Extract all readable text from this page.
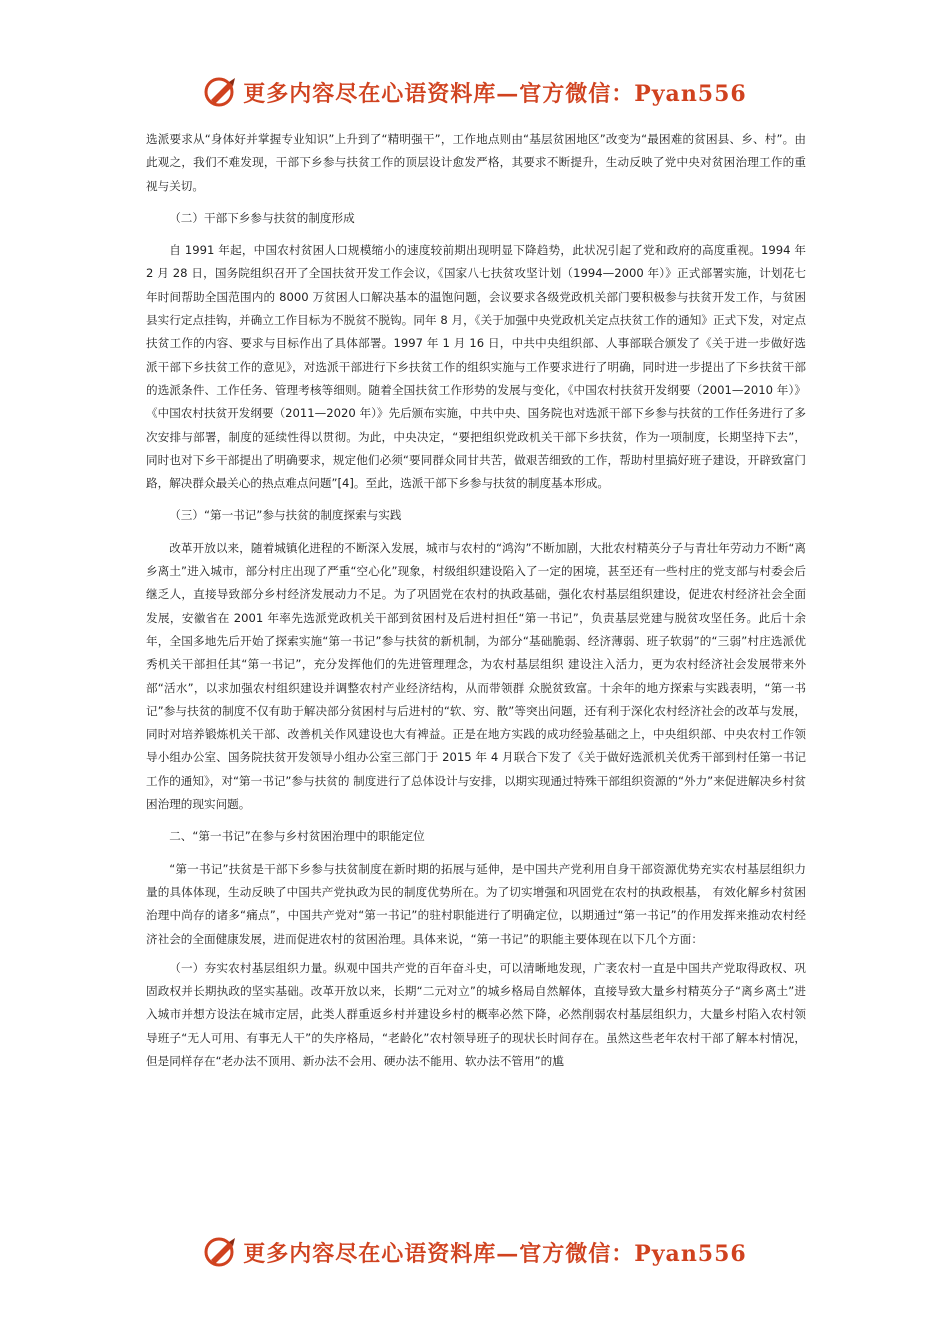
更多内容尽在心语资料库—官方微信：Pyan556

选派要求从“身体好并掌握专业知识”上升到了“精明强干”，工作地点则由“基层贫困地区”改变为“最困难的贫困县、乡、村”。由此观之，我们不难发现，干部下乡参与扶贫工作的顶层设计愈发严格，其要求不断提升，生动反映了党中央对贫困治理工作的重视与关切。

（二）干部下乡参与扶贫的制度形成

自 1991 年起，中国农村贫困人口规模缩小的速度较前期出现明显下降趋势，此状况引起了党和政府的高度重视。1994 年 2 月 28 日，国务院组织召开了全国扶贫开发工作会议，《国家八七扶贫攻坚计划（1994—2000 年）》正式部署实施，计划花七年时间帮助全国范围内的 8000 万贫困人口解决基本的温饱问题，会议要求各级党政机关部门要积极参与扶贫开发工作，与贫困县实行定点挂钩，并确立工作目标为不脱贫不脱钩。同年 8 月，《关于加强中央党政机关定点扶贫工作的通知》正式下发，对定点扶贫工作的内容、要求与目标作出了具体部署。1997 年 1 月 16 日，中共中央组织部、人事部联合颁发了《关于进一步做好选派干部下乡扶贫工作的意见》，对选派干部进行下乡扶贫工作的组织实施与工作要求进行了明确，同时进一步提出了下乡扶贫干部的选派条件、工作任务、管理考核等细则。随着全国扶贫工作形势的发展与变化，《中国农村扶贫开发纲要（2001—2010 年）》《中国农村扶贫开发纲要（2011—2020 年）》先后颁布实施，中共中央、国务院也对选派干部下乡参与扶贫的工作任务进行了多次安排与部署，制度的延续性得以贯彻。为此，中央决定，“要把组织党政机关干部下乡扶贫，作为一项制度，长期坚持下去”，同时也对下乡干部提出了明确要求，规定他们必须“要同群众同甘共苦，做艰苦细致的工作，帮助村里搞好班子建设，开辟致富门路，解决群众最关心的热点难点问题”[4]。至此，选派干部下乡参与扶贫的制度基本形成。

（三）“第一书记”参与扶贫的制度探索与实践

改革开放以来，随着城镇化进程的不断深入发展，城市与农村的“鸿沟”不断加剧，大批农村精英分子与青壮年劳动力不断“离乡离土”进入城市，部分村庄出现了严重“空心化”现象，村级组织建设陷入了一定的困境，甚至还有一些村庄的党支部与村委会后继乏人，直接导致部分乡村经济发展动力不足。为了巩固党在农村的执政基础，强化农村基层组织建设，促进农村经济社会全面发展，安徽省在 2001 年率先选派党政机关干部到贫困村及后进村担任“第一书记”，负责基层党建与脱贫攻坚任务。此后十余年，全国多地先后开始了探索实施“第一书记”参与扶贫的新机制，为部分“基础脆弱、经济薄弱、班子软弱”的“三弱”村庄选派优秀机关干部担任其“第一书记”，充分发挥他们的先进管理理念，为农村基层组织 建设注入活力，更为农村经济社会发展带来外部“活水”，以求加强农村组织建设并调整农村产业经济结构，从而带领群 众脱贫致富。十余年的地方探索与实践表明，“第一书记”参与扶贫的制度不仅有助于解决部分贫困村与后进村的“软、穷、散”等突出问题，还有利于深化农村经济社会的改革与发展，同时对培养锻炼机关干部、改善机关作风建设也大有裨益。正是在地方实践的成功经验基础之上，中央组织部、中央农村工作领导小组办公室、国务院扶贫开发领导小组办公室三部门于 2015 年 4 月联合下发了《关于做好选派机关优秀干部到村任第一书记工作的通知》，对“第一书记”参与扶贫的 制度进行了总体设计与安排，以期实现通过特殊干部组织资源的“外力”来促进解决乡村贫困治理的现实问题。

二、“第一书记”在参与乡村贫困治理中的职能定位

“第一书记”扶贫是干部下乡参与扶贫制度在新时期的拓展与延伸，是中国共产党利用自身干部资源优势充实农村基层组织力量的具体体现，生动反映了中国共产党执政为民的制度优势所在。为了切实增强和巩固党在农村的执政根基， 有效化解乡村贫困治理中尚存的诸多“痛点”，中国共产党对“第一书记”的驻村职能进行了明确定位，以期通过“第一书记”的作用发挥来推动农村经济社会的全面健康发展，进而促进农村的贫困治理。具体来说，“第一书记”的职能主要体现在以下几个方面：

（一）夯实农村基层组织力量。纵观中国共产党的百年奋斗史，可以清晰地发现，广袤农村一直是中国共产党取得政权、巩固政权并长期执政的坚实基础。改革开放以来，长期“二元对立”的城乡格局自然解体，直接导致大量乡村精英分子“离乡离土”进入城市并想方设法在城市定居，此类人群重返乡村并建设乡村的概率必然下降，必然削弱农村基层组织力，大量乡村陷入农村领导班子“无人可用、有事无人干”的失序格局，“老龄化”农村领导班子的现状长时间存在。虽然这些老年农村干部了解本村情况，但是同样存在“老办法不顶用、新办法不会用、硬办法不能用、软办法不管用”的尴

更多内容尽在心语资料库—官方微信：Pyan556
